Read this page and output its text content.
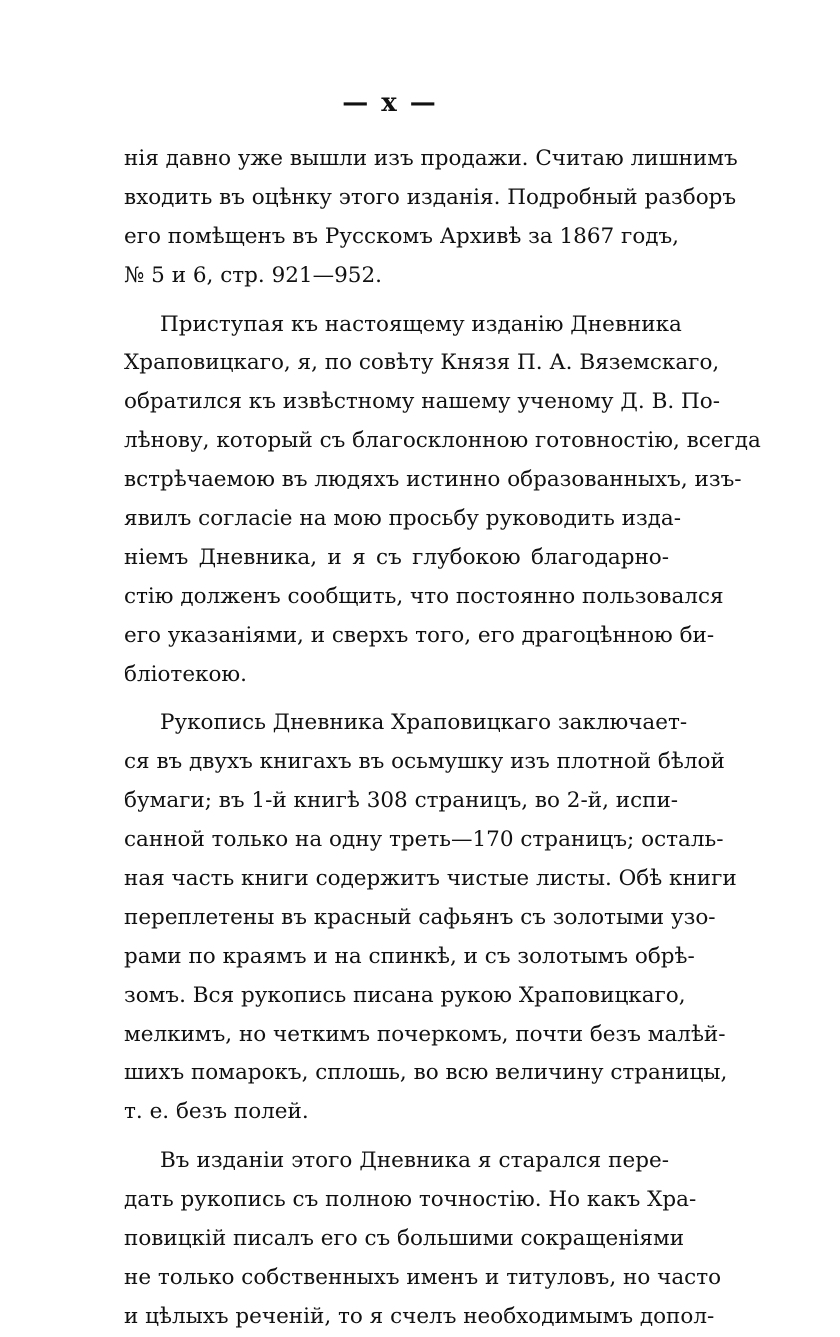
— x —
нія давно уже вышли изъ продажи. Считаю лишнимъ
входить въ оцѣнку этого изданія. Подробный разборъ
его помѣщенъ въ Русскомъ Архивѣ за 1867 годъ,
№ 5 и 6, стр. 921—952.
Приступая къ настоящему изданію Дневника
Храповицкаго, я, по совѣту Князя П. А. Вяземскаго,
обратился къ извѣстному нашему ученому Д. В. По-
лѣнову, который съ благосклонною готовностію, всегда
встрѣчаемою въ людяхъ истинно образованныхъ, изъ-
явилъ согласіе на мою просьбу руководить изда-
ніемъ Дневника, и я съ глубокою благодарно-
стію долженъ сообщить, что постоянно пользовался
его указаніями, и сверхъ того, его драгоцѣнною би-
бліотекою.
Рукопись Дневника Храповицкаго заключает-
ся въ двухъ книгахъ въ осьмушку изъ плотной бѣлой
бумаги; въ 1-й книгѣ 308 страницъ, во 2-й, испи-
санной только на одну треть—170 страницъ; осталь-
ная часть книги содержитъ чистые листы. Обѣ книги
переплетены въ красный сафьянъ съ золотыми узо-
рами по краямъ и на спинкѣ, и съ золотымъ обрѣ-
зомъ. Вся рукопись писана рукою Храповицкаго,
мелкимъ, но четкимъ почеркомъ, почти безъ малѣй-
шихъ помарокъ, сплошь, во всю величину страницы,
т. е. безъ полей.
Въ изданіи этого Дневника я старался пере-
дать рукопись съ полною точностію. Но какъ Хра-
повицкій писалъ его съ большими сокращеніями
не только собственныхъ именъ и титуловъ, но часто
и цѣлыхъ реченій, то я счелъ необходимымъ допол-
